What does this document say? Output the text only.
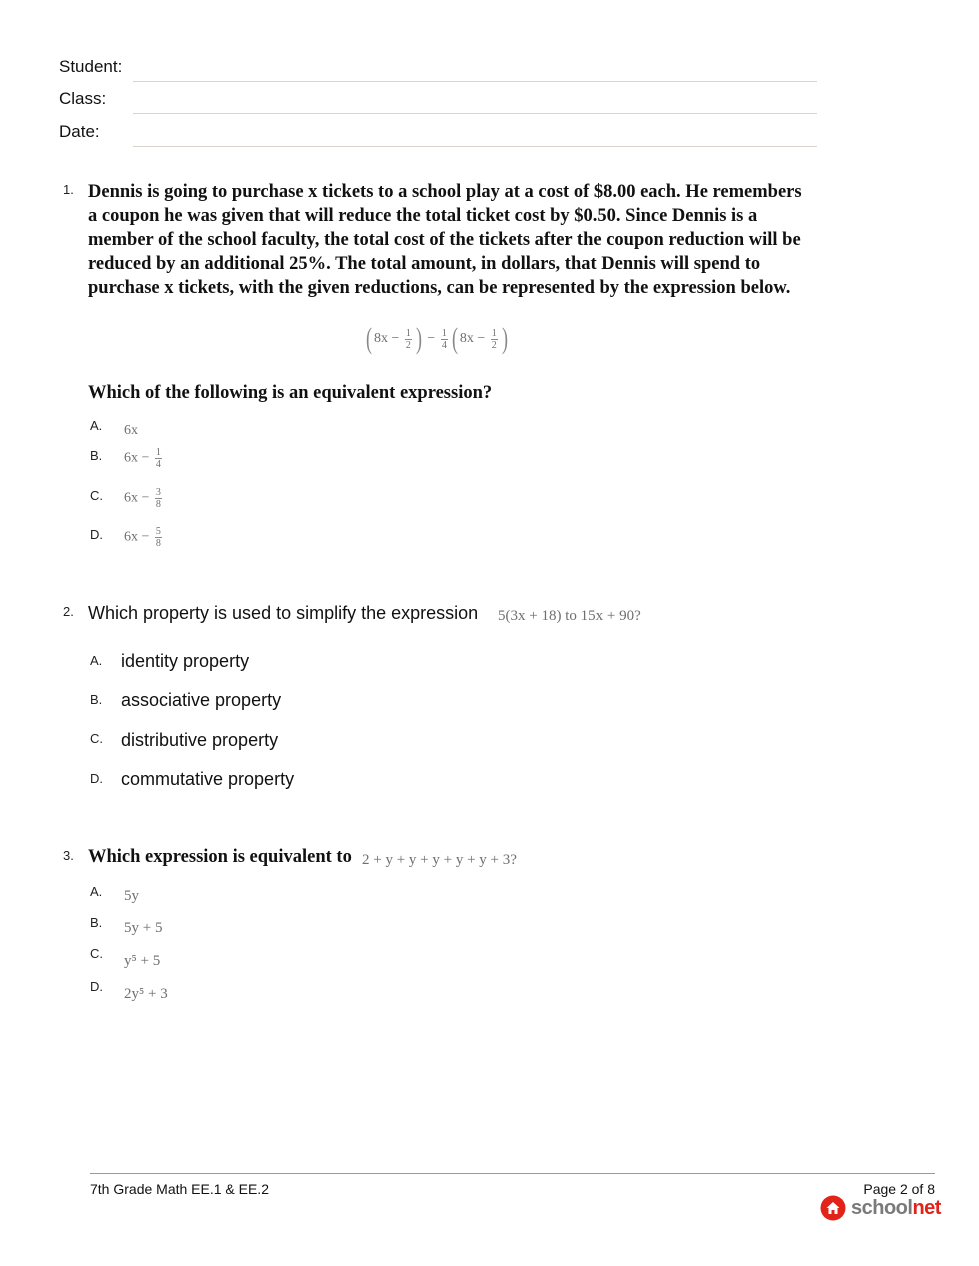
Student:
Class:
Date:
1. Dennis is going to purchase x tickets to a school play at a cost of $8.00 each. He remembers
a coupon he was given that will reduce the total ticket cost by $0.50. Since Dennis is a
member of the school faculty, the total cost of the tickets after the coupon reduction will be
reduced by an additional 25%. The total amount, in dollars, that Dennis will spend to
purchase x tickets, with the given reductions, can be represented by the expression below.
( $8x - \frac{1}{2}$ ) − $\frac{1}{4}$ ( $8x - \frac{1}{2}$ )
Which of the following is an equivalent expression?
A. 6x
B. $6x - \frac{1}{4}$
C. $6x - \frac{3}{8}$
D. $6x - \frac{5}{8}$
2. Which property is used to simplify the expression 5(3x + 18) to 15x + 90?
A. identity property
B. associative property
C. distributive property
D. commutative property
3. Which expression is equivalent to 2 + y + y + y + y + y + 3?
A. 5y
B. 5y + 5
C. y⁵ + 5
D. 2y⁵ + 3
7th Grade Math EE.1 & EE.2	Page 2 of 8
school net
